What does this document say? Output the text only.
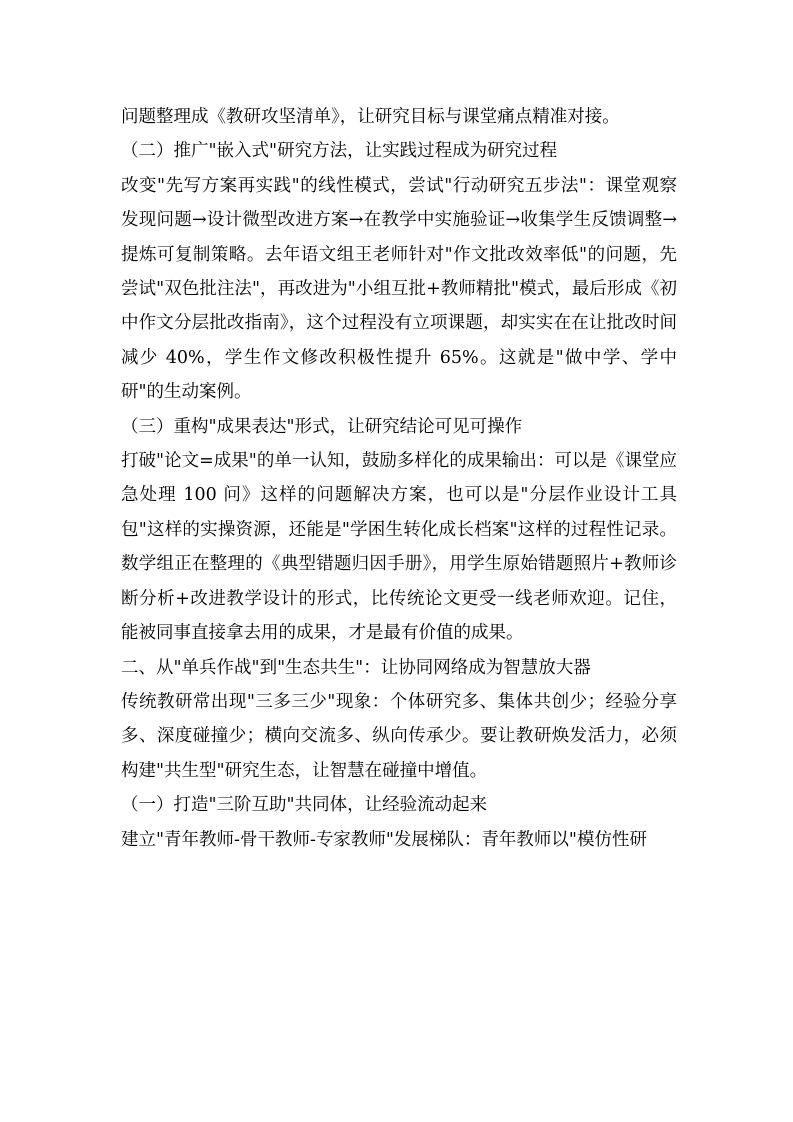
问题整理成《教研攻坚清单》，让研究目标与课堂痛点精准对接。

（二）推广"嵌入式"研究方法，让实践过程成为研究过程

改变"先写方案再实践"的线性模式，尝试"行动研究五步法"：课堂观察发现问题→设计微型改进方案→在教学中实施验证→收集学生反馈调整→提炼可复制策略。去年语文组王老师针对"作文批改效率低"的问题，先尝试"双色批注法"，再改进为"小组互批+教师精批"模式，最后形成《初中作文分层批改指南》，这个过程没有立项课题，却实实在在让批改时间减少 40%，学生作文修改积极性提升 65%。这就是"做中学、学中研"的生动案例。

（三）重构"成果表达"形式，让研究结论可见可操作

打破"论文=成果"的单一认知，鼓励多样化的成果输出：可以是《课堂应急处理 100 问》这样的问题解决方案，也可以是"分层作业设计工具包"这样的实操资源，还能是"学困生转化成长档案"这样的过程性记录。数学组正在整理的《典型错题归因手册》，用学生原始错题照片+教师诊断分析+改进教学设计的形式，比传统论文更受一线老师欢迎。记住，能被同事直接拿去用的成果，才是最有价值的成果。

二、从"单兵作战"到"生态共生"：让协同网络成为智慧放大器

传统教研常出现"三多三少"现象：个体研究多、集体共创少；经验分享多、深度碰撞少；横向交流多、纵向传承少。要让教研焕发活力，必须构建"共生型"研究生态，让智慧在碰撞中增值。

（一）打造"三阶互助"共同体，让经验流动起来

建立"青年教师-骨干教师-专家教师"发展梯队：青年教师以"模仿性研
